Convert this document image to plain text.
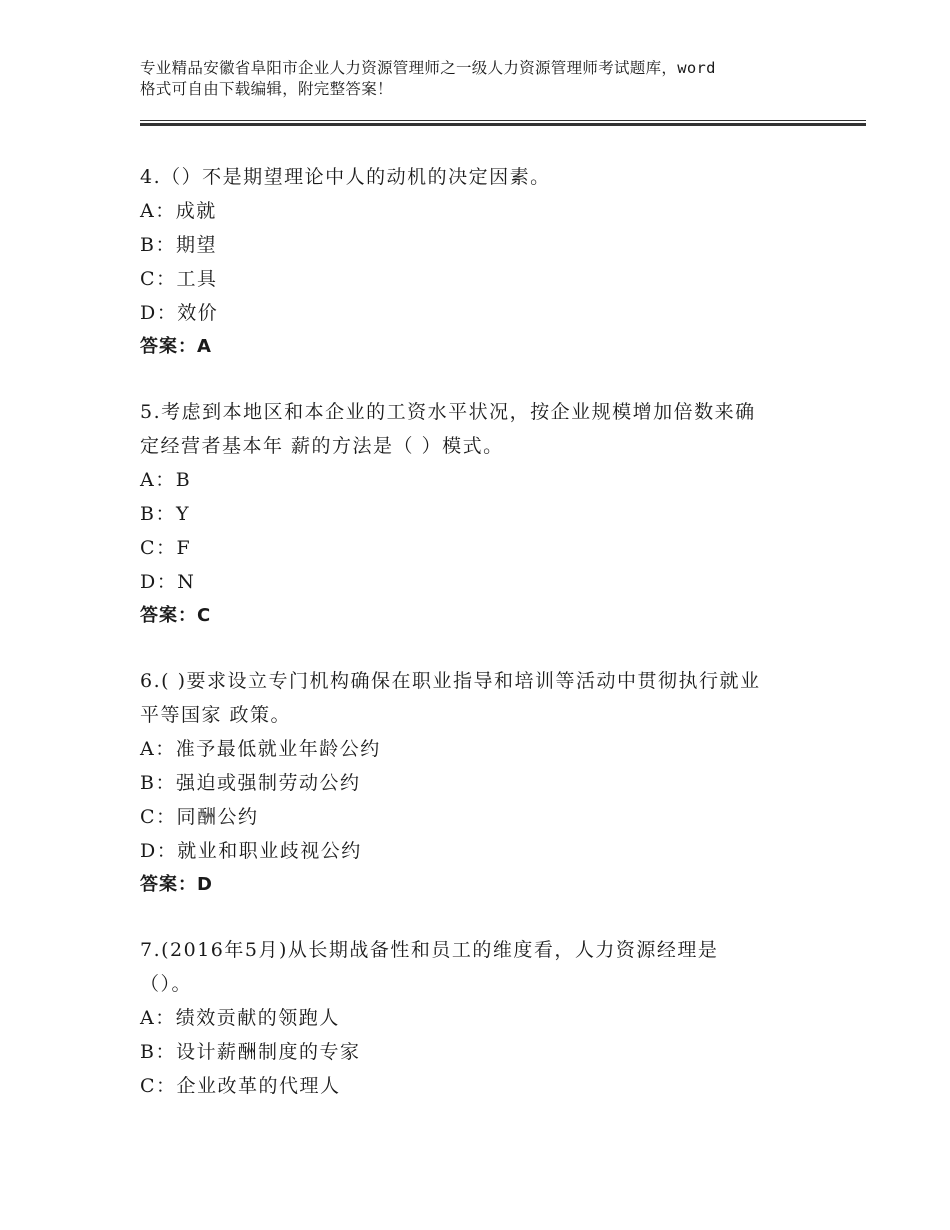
专业精品安徽省阜阳市企业人力资源管理师之一级人力资源管理师考试题库，word
格式可自由下载编辑，附完整答案！
4.（）不是期望理论中人的动机的决定因素。
A：成就
B：期望
C：工具
D：效价
答案：A
5.考虑到本地区和本企业的工资水平状况，按企业规模增加倍数来确
定经营者基本年 薪的方法是（ ）模式。
A：B
B：Y
C：F
D：N
答案：C
6.( )要求设立专门机构确保在职业指导和培训等活动中贯彻执行就业
平等国家 政策。
A：准予最低就业年龄公约
B：强迫或强制劳动公约
C：同酬公约
D：就业和职业歧视公约
答案：D
7.(2016年5月)从长期战备性和员工的维度看，人力资源经理是
（）。
A：绩效贡献的领跑人
B：设计薪酬制度的专家
C：企业改革的代理人
